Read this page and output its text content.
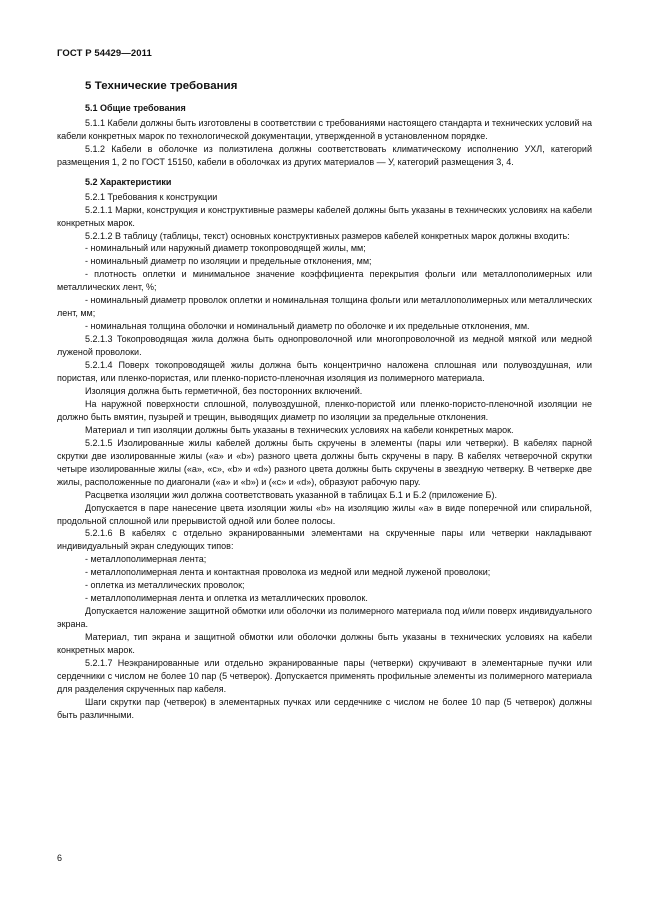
ГОСТ Р 54429—2011

5 Технические требования

5.1 Общие требования

5.1.1 Кабели должны быть изготовлены в соответствии с требованиями настоящего стандарта и технических условий на кабели конкретных марок по технологической документации, утвержденной в установленном порядке.

5.1.2 Кабели в оболочке из полиэтилена должны соответствовать климатическому исполнению УХЛ, категорий размещения 1, 2 по ГОСТ 15150, кабели в оболочках из других материалов — У, категорий размещения 3, 4.

5.2 Характеристики

5.2.1 Требования к конструкции

5.2.1.1 Марки, конструкция и конструктивные размеры кабелей должны быть указаны в технических условиях на кабели конкретных марок.

5.2.1.2 В таблицу (таблицы, текст) основных конструктивных размеров кабелей конкретных марок должны входить:

- номинальный или наружный диаметр токопроводящей жилы, мм;

- номинальный диаметр по изоляции и предельные отклонения, мм;

- плотность оплетки и минимальное значение коэффициента перекрытия фольги или металлополимерных или металлических лент, %;

- номинальный диаметр проволок оплетки и номинальная толщина фольги или металлополимерных или металлических лент, мм;

- номинальная толщина оболочки и номинальный диаметр по оболочке и их предельные отклонения, мм.

5.2.1.3 Токопроводящая жила должна быть однопроволочной или многопроволочной из медной мягкой или медной луженой проволоки.

5.2.1.4 Поверх токопроводящей жилы должна быть концентрично наложена сплошная или полувоздушная, или пористая, или пленко-пористая, или пленко-пористо-пленочная изоляция из полимерного материала.

Изоляция должна быть герметичной, без посторонних включений.

На наружной поверхности сплошной, полувоздушной, пленко-пористой или пленко-пористо-пленочной изоляции не должно быть вмятин, пузырей и трещин, выводящих диаметр по изоляции за предельные отклонения.

Материал и тип изоляции должны быть указаны в технических условиях на кабели конкретных марок.

5.2.1.5 Изолированные жилы кабелей должны быть скручены в элементы (пары или четверки). В кабелях парной скрутки две изолированные жилы («a» и «b») разного цвета должны быть скручены в пару. В кабелях четверочной скрутки четыре изолированные жилы («a», «c», «b» и «d») разного цвета должны быть скручены в звездную четверку. В четверке две жилы, расположенные по диагонали («a» и «b») и («c» и «d»), образуют рабочую пару.

Расцветка изоляции жил должна соответствовать указанной в таблицах Б.1 и Б.2 (приложение Б).

Допускается в паре нанесение цвета изоляции жилы «b» на изоляцию жилы «a» в виде поперечной или спиральной, продольной сплошной или прерывистой одной или более полосы.

5.2.1.6 В кабелях с отдельно экранированными элементами на скрученные пары или четверки накладывают индивидуальный экран следующих типов:

- металлополимерная лента;

- металлополимерная лента и контактная проволока из медной или медной луженой проволоки;

- оплетка из металлических проволок;

- металлополимерная лента и оплетка из металлических проволок.

Допускается наложение защитной обмотки или оболочки из полимерного материала под и/или поверх индивидуального экрана.

Материал, тип экрана и защитной обмотки или оболочки должны быть указаны в технических условиях на кабели конкретных марок.

5.2.1.7 Неэкранированные или отдельно экранированные пары (четверки) скручивают в элементарные пучки или сердечники с числом не более 10 пар (5 четверок). Допускается применять профильные элементы из полимерного материала для разделения скрученных пар кабеля.

Шаги скрутки пар (четверок) в элементарных пучках или сердечнике с числом не более 10 пар (5 четверок) должны быть различными.

6
